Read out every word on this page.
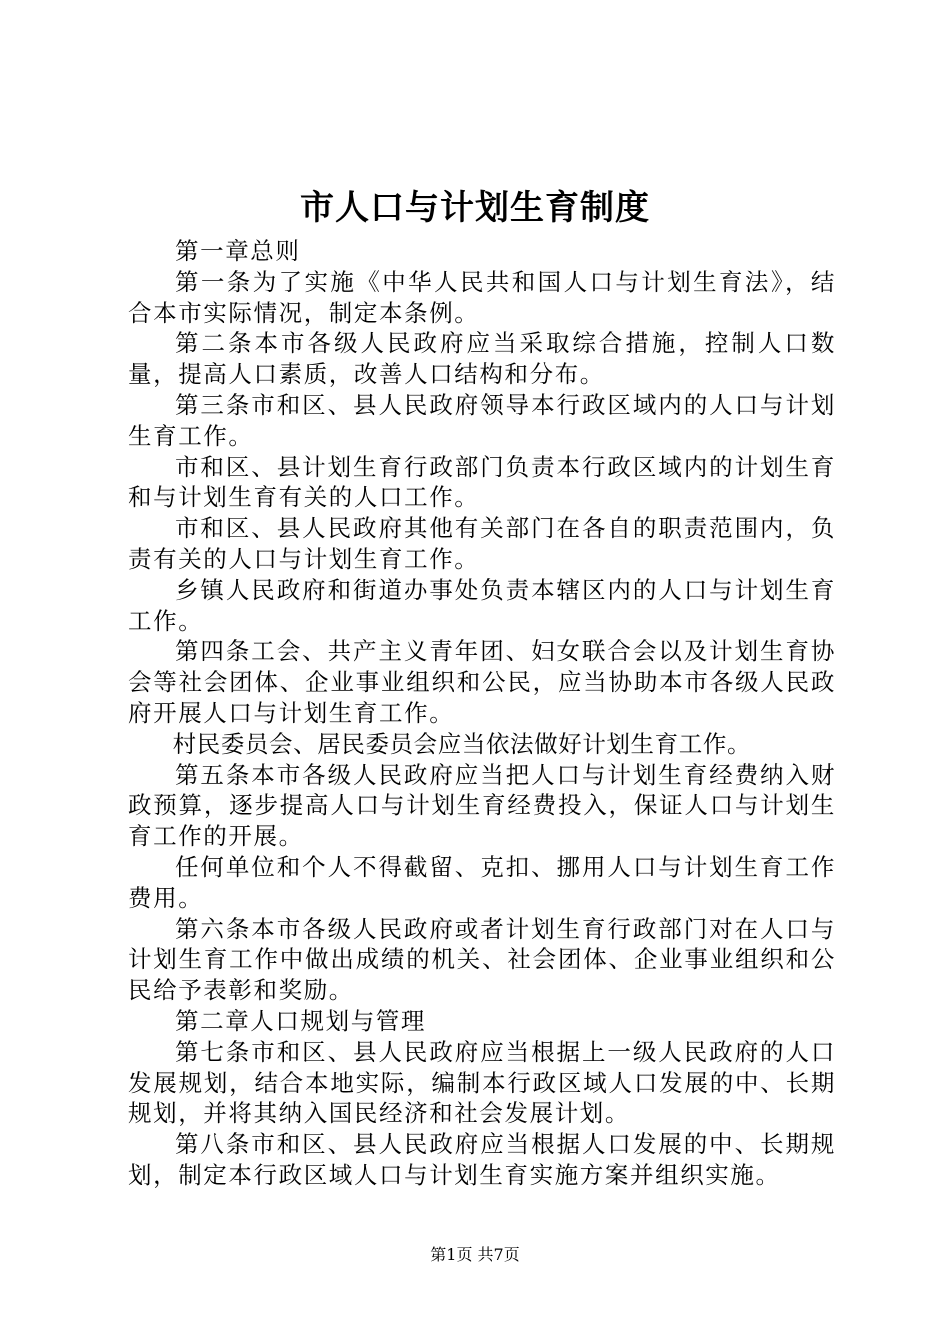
市人口与计划生育制度

第一章总则

第一条为了实施《中华人民共和国人口与计划生育法》，结合本市实际情况，制定本条例。

第二条本市各级人民政府应当采取综合措施，控制人口数量，提高人口素质，改善人口结构和分布。

第三条市和区、县人民政府领导本行政区域内的人口与计划生育工作。

市和区、县计划生育行政部门负责本行政区域内的计划生育和与计划生育有关的人口工作。

市和区、县人民政府其他有关部门在各自的职责范围内，负责有关的人口与计划生育工作。

乡镇人民政府和街道办事处负责本辖区内的人口与计划生育工作。

第四条工会、共产主义青年团、妇女联合会以及计划生育协会等社会团体、企业事业组织和公民，应当协助本市各级人民政府开展人口与计划生育工作。

村民委员会、居民委员会应当依法做好计划生育工作。

第五条本市各级人民政府应当把人口与计划生育经费纳入财政预算，逐步提高人口与计划生育经费投入，保证人口与计划生育工作的开展。

任何单位和个人不得截留、克扣、挪用人口与计划生育工作费用。

第六条本市各级人民政府或者计划生育行政部门对在人口与计划生育工作中做出成绩的机关、社会团体、企业事业组织和公民给予表彰和奖励。

第二章人口规划与管理

第七条市和区、县人民政府应当根据上一级人民政府的人口发展规划，结合本地实际，编制本行政区域人口发展的中、长期规划，并将其纳入国民经济和社会发展计划。

第八条市和区、县人民政府应当根据人口发展的中、长期规划，制定本行政区域人口与计划生育实施方案并组织实施。

第1页 共7页
